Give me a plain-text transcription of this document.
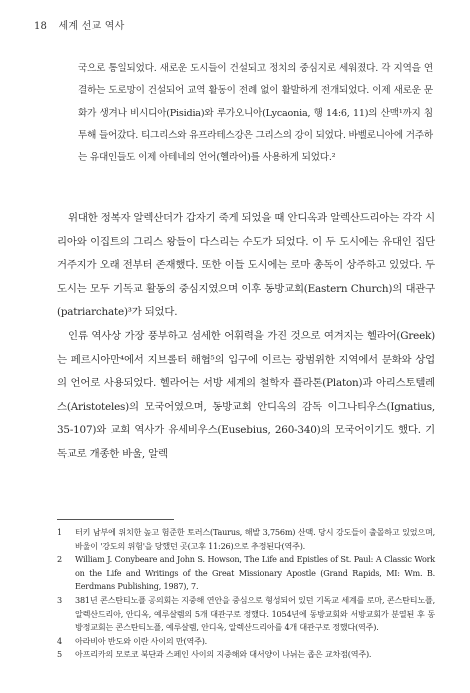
18 세계 선교 역사

국으로 통일되었다. 새로운 도시들이 건설되고 정치의 중심지로 세워졌다. 각 지역을 연결하는 도로망이 건설되어 교역 활동이 전례 없이 활발하게 전개되었다. 이제 새로운 문화가 생겨나 비시디아(Pisidia)와 루가오니아(Lycaonia, 행 14:6, 11)의 산맥¹까지 침투해 들어갔다. 티그리스와 유프라테스강은 그리스의 강이 되었다. 바벨로니아에 거주하는 유대인들도 이제 아테네의 언어(헬라어)를 사용하게 되었다.²

위대한 정복자 알렉산더가 갑자기 죽게 되었을 때 안디옥과 알렉산드리아는 각각 시리아와 이집트의 그리스 왕들이 다스리는 수도가 되었다. 이 두 도시에는 유대인 집단 거주지가 오래 전부터 존재했다. 또한 이들 도시에는 로마 총독이 상주하고 있었다. 두 도시는 모두 기독교 활동의 중심지였으며 이후 동방교회(Eastern Church)의 대관구(patriarchate)³가 되었다.

인류 역사상 가장 풍부하고 섬세한 어휘력을 가진 것으로 여겨지는 헬라어(Greek)는 페르시아만⁴에서 지브롤터 해협⁵의 입구에 이르는 광범위한 지역에서 문화와 상업의 언어로 사용되었다. 헬라어는 서방 세계의 철학자 플라톤(Platon)과 아리스토텔레스(Aristoteles)의 모국어였으며, 동방교회 안디옥의 감독 이그나티우스(Ignatius, 35-107)와 교회 역사가 유세비우스(Eusebius, 260-340)의 모국어이기도 했다. 기독교로 개종한 바울, 알렉

1	터키 남부에 위치한 높고 험준한 토러스(Taurus, 해발 3,756m) 산맥. 당시 강도들이 출몰하고 있었으며, 바울이 '강도의 위험'을 당했던 곳(고후 11:26)으로 추정된다(역주).
2	William J. Conybeare and John S. Howson, The Life and Epistles of St. Paul: A Classic Work on the Life and Writings of the Great Missionary Apostle (Grand Rapids, MI: Wm. B. Eerdmans Publishing, 1987), 7.
3	381년 콘스탄티노플 공의회는 지중해 연안을 중심으로 형성되어 있던 기독교 세계를 로마, 콘스탄티노플, 알렉산드리아, 안디옥, 예루살렘의 5개 대관구로 정했다. 1054년에 동방교회와 서방교회가 분열된 후 동방정교회는 콘스탄티노플, 예루살렘, 안디옥, 알렉산드리아를 4개 대관구로 정했다(역주).
4	아라비아 반도와 이란 사이의 만(역주).
5	아프리카의 모로코 북단과 스페인 사이의 지중해와 대서양이 나뉘는 좁은 교차점(역주).
